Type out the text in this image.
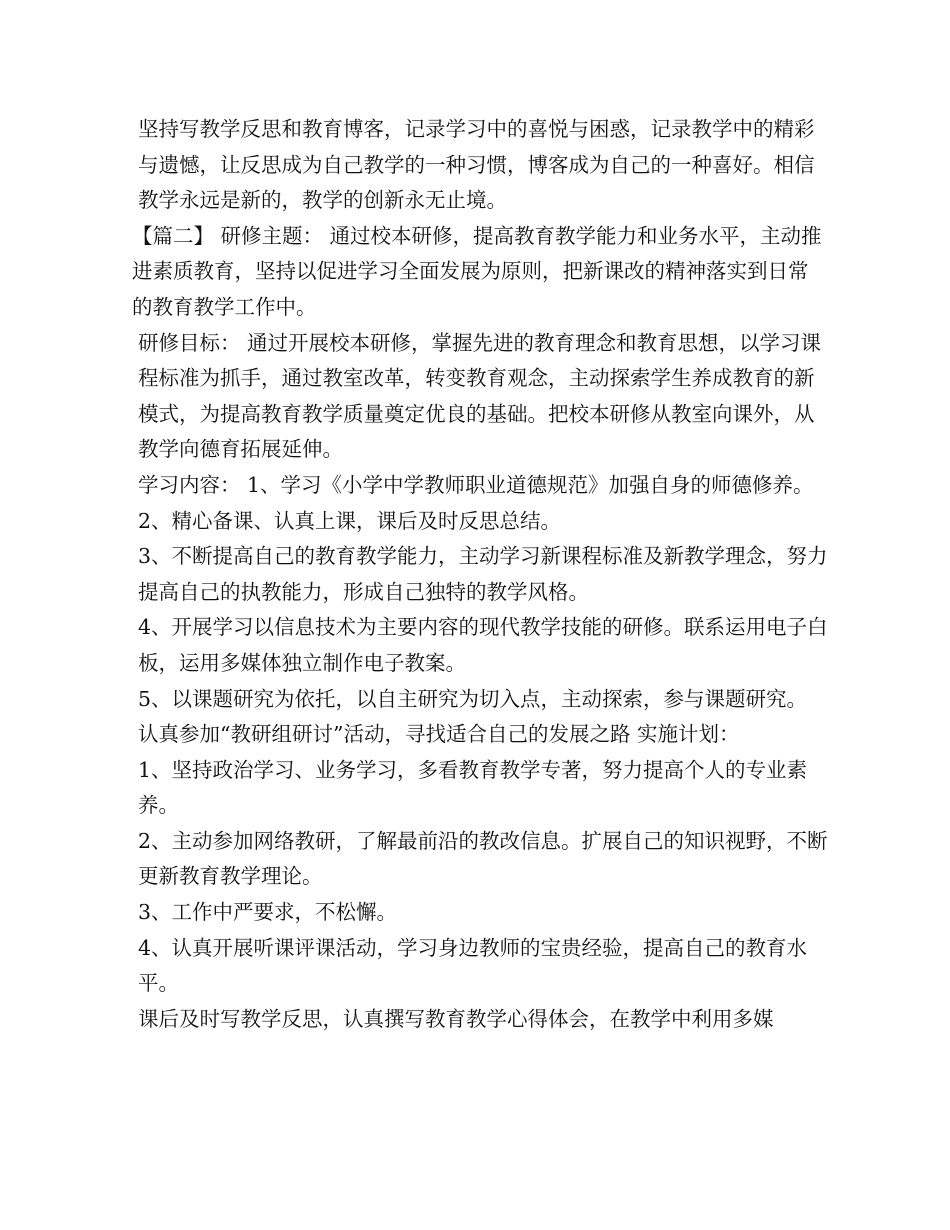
坚持写教学反思和教育博客，记录学习中的喜悦与困惑，记录教学中的精彩与遗憾，让反思成为自己教学的一种习惯，博客成为自己的一种喜好。相信教学永远是新的，教学的创新永无止境。

【篇二】 研修主题： 通过校本研修，提高教育教学能力和业务水平，主动推进素质教育，坚持以促进学习全面发展为原则，把新课改的精神落实到日常的教育教学工作中。

研修目标： 通过开展校本研修，掌握先进的教育理念和教育思想，以学习课程标准为抓手，通过教室改革，转变教育观念，主动探索学生养成教育的新模式，为提高教育教学质量奠定优良的基础。把校本研修从教室向课外，从教学向德育拓展延伸。

学习内容： 1、学习《小学中学教师职业道德规范》加强自身的师德修养。

2、精心备课、认真上课，课后及时反思总结。

3、不断提高自己的教育教学能力，主动学习新课程标准及新教学理念，努力提高自己的执教能力，形成自己独特的教学风格。

4、开展学习以信息技术为主要内容的现代教学技能的研修。联系运用电子白板，运用多媒体独立制作电子教案。

5、以课题研究为依托，以自主研究为切入点，主动探索，参与课题研究。

认真参加“教研组研讨”活动，寻找适合自己的发展之路 实施计划：

1、坚持政治学习、业务学习，多看教育教学专著，努力提高个人的专业素养。

2、主动参加网络教研，了解最前沿的教改信息。扩展自己的知识视野，不断更新教育教学理论。

3、工作中严要求，不松懈。

4、认真开展听课评课活动，学习身边教师的宝贵经验，提高自己的教育水平。

课后及时写教学反思，认真撰写教育教学心得体会，在教学中利用多媒
